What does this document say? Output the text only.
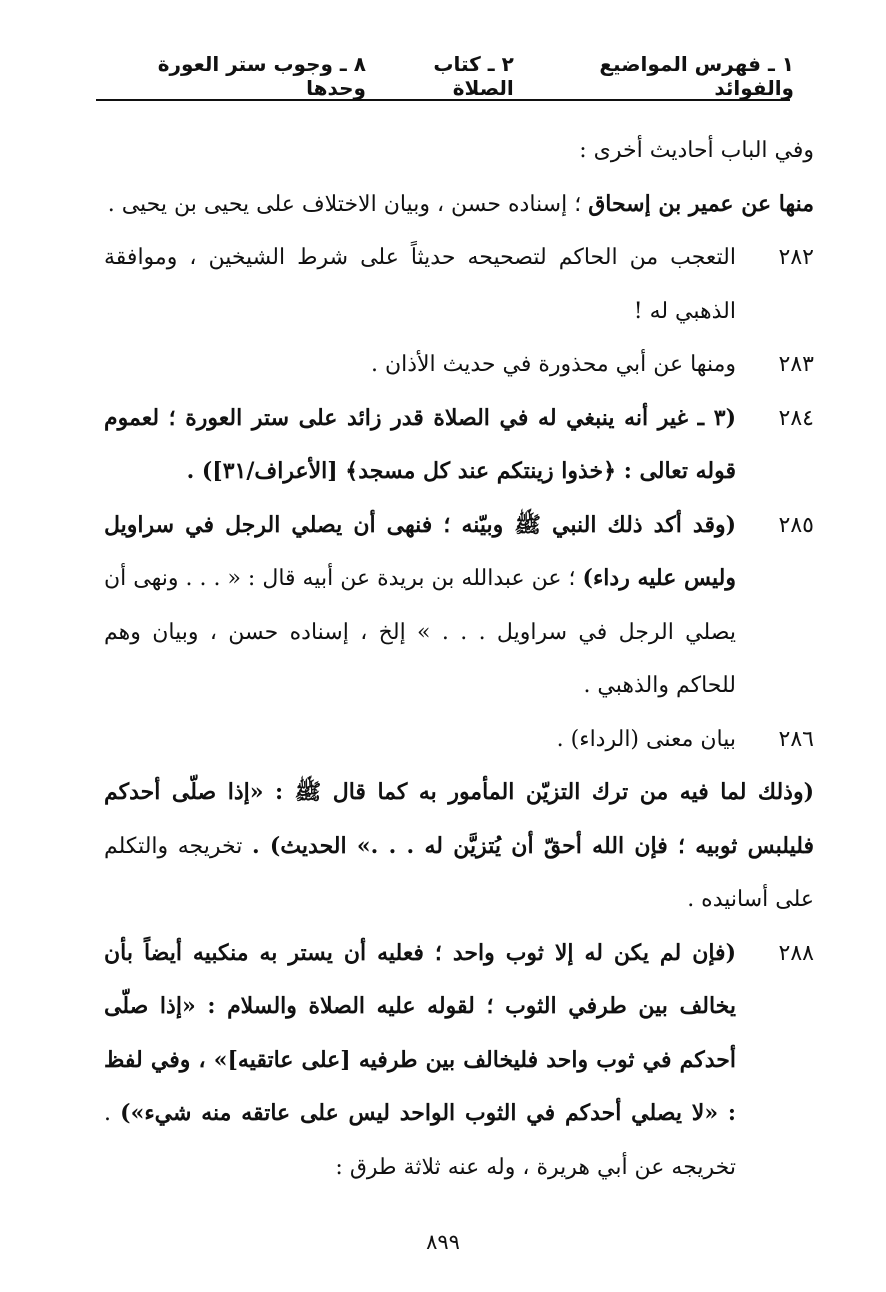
١ ـ فهرس المواضيع والفوائد
٢ ـ كتاب الصلاة
٨ ـ وجوب ستر العورة وحدها

وفي الباب أحاديث أخرى :

منها عن عمير بن إسحاق ؛ إسناده حسن ، وبيان الاختلاف على يحيى بن يحيى .

٢٨٢
التعجب من الحاكم لتصحيحه حديثاً على شرط الشيخين ، وموافقة الذهبي له !
٢٨٣
ومنها عن أبي محذورة في حديث الأذان .
٢٨٤
(٣ ـ غير أنه ينبغي له في الصلاة قدر زائد على ستر العورة ؛ لعموم قوله تعالى : ﴿خذوا زينتكم عند كل مسجد﴾ [الأعراف/٣١]) .
٢٨٥
(وقد أكد ذلك النبي ﷺ وبيّنه ؛ فنهى أن يصلي الرجل في سراويل وليس عليه رداء) ؛ عن عبدالله بن بريدة عن أبيه قال : « . . . ونهى أن يصلي الرجل في سراويل . . . » إلخ ، إسناده حسن ، وبيان وهم للحاكم والذهبي .
٢٨٦
بيان معنى (الرداء) .

(وذلك لما فيه من ترك التزيّن المأمور به كما قال ﷺ : «إذا صلّى أحدكم فليلبس ثوبيه ؛ فإن الله أحقّ أن يُتزيَّن له . . .» الحديث) . تخريجه والتكلم على أسانيده .

٢٨٨
(فإن لم يكن له إلا ثوب واحد ؛ فعليه أن يستر به منكبيه أيضاً بأن يخالف بين طرفي الثوب ؛ لقوله عليه الصلاة والسلام : «إذا صلّى أحدكم في ثوب واحد فليخالف بين طرفيه [على عاتقيه]» ، وفي لفظ : «لا يصلي أحدكم في الثوب الواحد ليس على عاتقه منه شيء») . تخريجه عن أبي هريرة ، وله عنه ثلاثة طرق :
٨٩٩
